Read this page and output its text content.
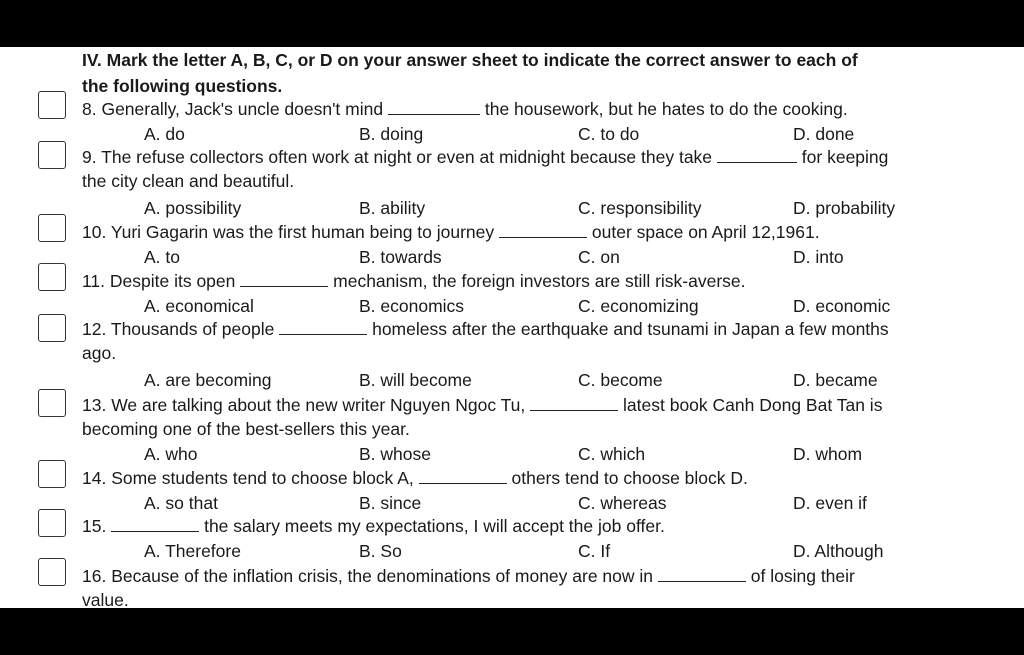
IV. Mark the letter A, B, C, or D on your answer sheet to indicate the correct answer to each of
the following questions.
8. Generally, Jack's uncle doesn't mind	the housework, but he hates to do the cooking.
A. do	B. doing	C. to do	D. done
9. The refuse collectors often work at night or even at midnight because they take	for keeping
the city clean and beautiful.
A. possibility	B. ability	C. responsibility	D. probability
10. Yuri Gagarin was the first human being to journey	outer space on April 12,1961.
A. to	B. towards	C. on	D. into
11. Despite its open	mechanism, the foreign investors are still risk-averse.
A. economical	B. economics	C. economizing	D. economic
12. Thousands of people	homeless after the earthquake and tsunami in Japan a few months
ago.
A. are becoming	B. will become	C. become	D. became
13. We are talking about the new writer Nguyen Ngoc Tu,	latest book Canh Dong Bat Tan is
becoming one of the best-sellers this year.
A. who	B. whose	C. which	D. whom
14. Some students tend to choose block A,	others tend to choose block D.
A. so that	B. since	C. whereas	D. even if
15.	the salary meets my expectations, I will accept the job offer.
A. Therefore	B. So	C. If	D. Although
16. Because of the inflation crisis, the denominations of money are now in	of losing their
value.
